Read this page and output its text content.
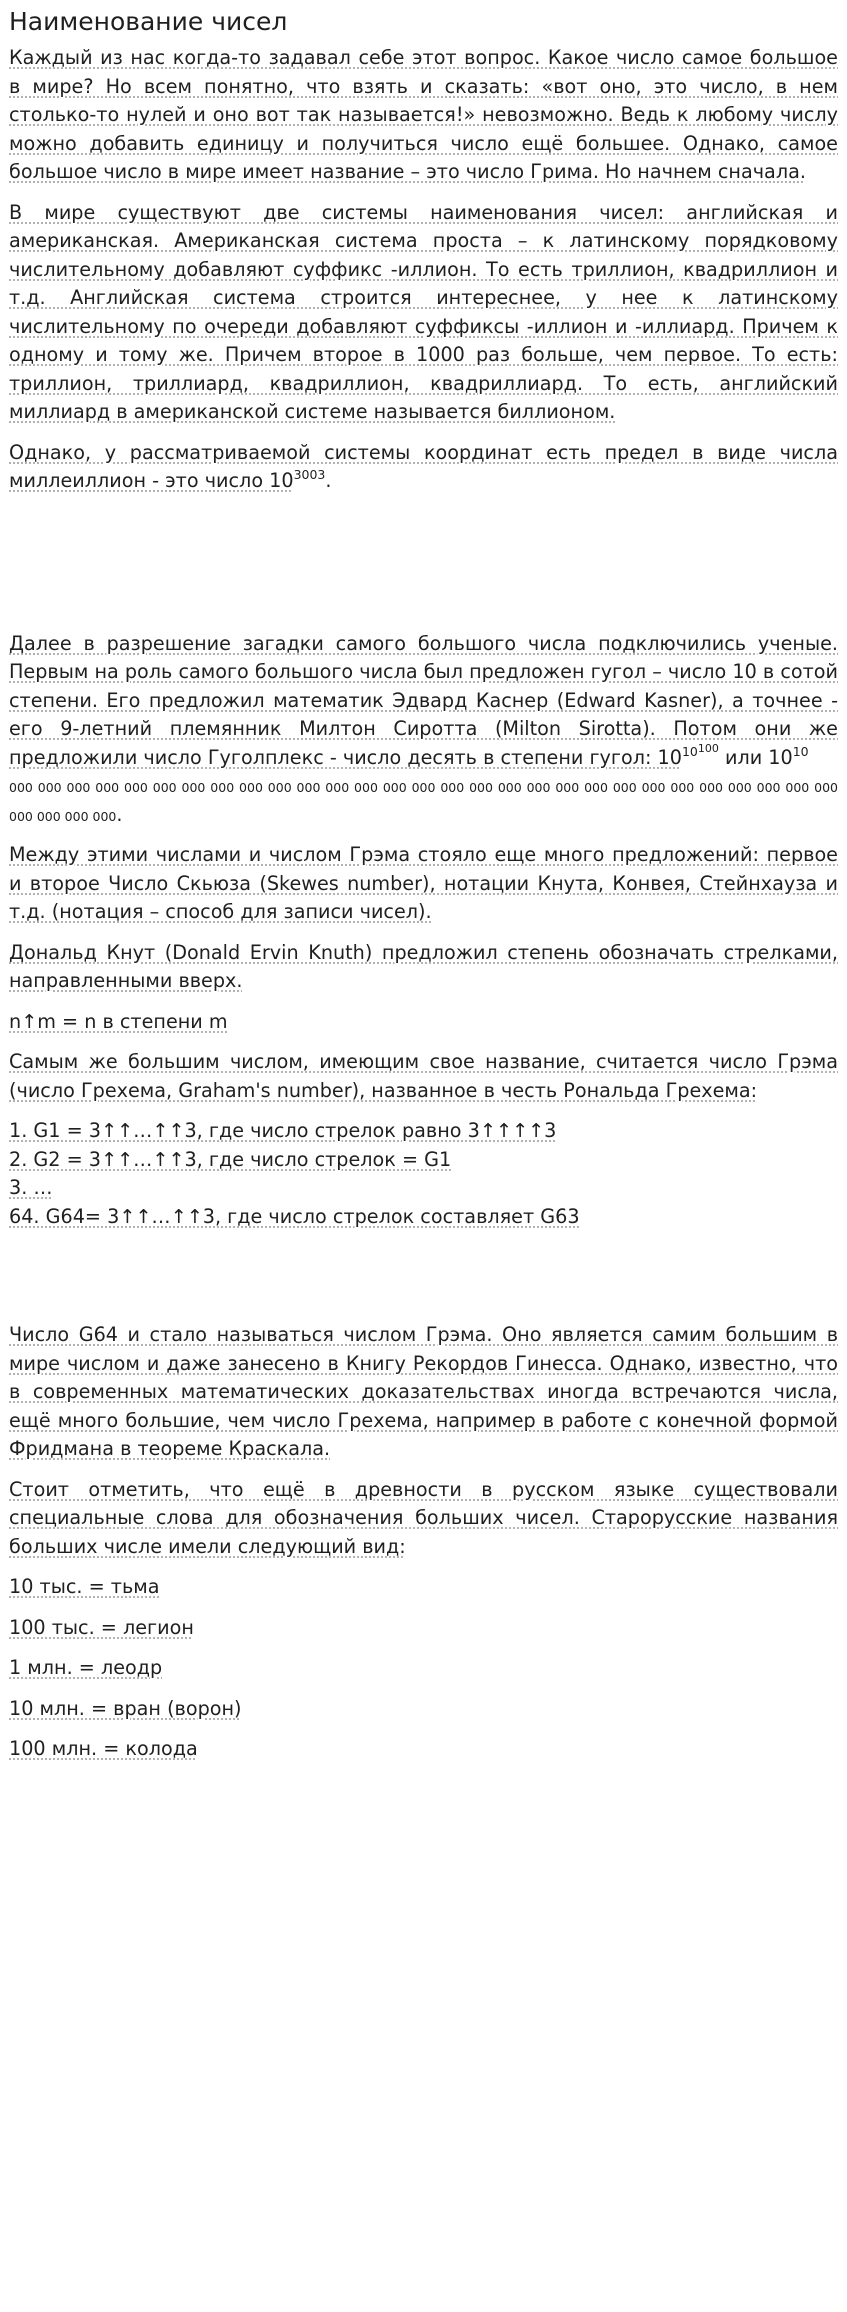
Наименование чисел

Каждый из нас когда-то задавал себе этот вопрос. Какое число самое большое в мире? Но всем понятно, что взять и сказать: «вот оно, это число, в нем столько-то нулей и оно вот так называется!» невозможно. Ведь к любому числу можно добавить единицу и получиться число ещё большее. Однако, самое большое число в мире имеет название – это число Грима. Но начнем сначала.

В мире существуют две системы наименования чисел: английская и американская. Американская система проста – к латинскому порядковому числительному добавляют суффикс -иллион. То есть триллион, квадриллион и т.д. Английская система строится интереснее, у нее к латинскому числительному по очереди добавляют суффиксы -иллион и -иллиард. Причем к одному и тому же. Причем второе в 1000 раз больше, чем первое. То есть: триллион, триллиард, квадриллион, квадриллиард. То есть, английский миллиард в американской системе называется биллионом.

Однако, у рассматриваемой системы координат есть предел в виде числа миллеиллион - это число $10^{3003}$.

Далее в разрешение загадки самого большого числа подключились ученые. Первым на роль самого большого числа был предложен гугол – число 10 в сотой степени. Его предложил математик Эдвард Каснер (Edward Kasner), а точнее - его 9-летний племянник Милтон Сиротта (Milton Sirotta). Потом они же предложили число Гуголплекс - число десять в степени гугол: $10^{10^{100}}$ или $10^{10}$
000 000 000 000 000 000 000 000 000 000 000 000 000 000 000 000 000 000 000 000 000 000 000 000 000 000 000 000 000 000 000 000 000.

Между этими числами и числом Грэма стояло еще много предложений: первое и второе Число Скьюза (Skewes number), нотации Кнута, Конвея, Стейнхауза и т.д. (нотация – способ для записи чисел).

Дональд Кнут (Donald Ervin Knuth) предложил степень обозначать стрелками, направленными вверх.

n↑m = n в степени m

Самым же большим числом, имеющим свое название, считается число Грэма (число Грехема, Graham's number), названное в честь Рональда Грехема:

1. G1 = 3↑↑…↑↑3, где число стрелок равно 3↑↑↑↑3
2. G2 = 3↑↑…↑↑3, где число стрелок = G1
3. …
64. G64= 3↑↑…↑↑3, где число стрелок составляет G63

Число G64 и стало называться числом Грэма. Оно является самим большим в мире числом и даже занесено в Книгу Рекордов Гинесса. Однако, известно, что в современных математических доказательствах иногда встречаются числа, ещё много большие, чем число Грехема, например в работе с конечной формой Фридмана в теореме Краскала.

Стоит отметить, что ещё в древности в русском языке существовали специальные слова для обозначения больших чисел. Старорусские названия больших числе имели следующий вид:

10 тыс. = тьма

100 тыс. = легион

1 млн. = леодр

10 млн. = вран (ворон)

100 млн. = колода
